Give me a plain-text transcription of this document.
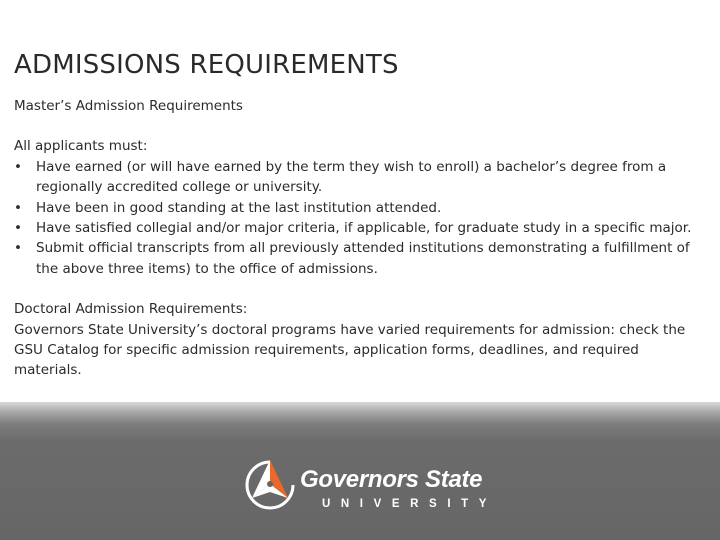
ADMISSIONS REQUIREMENTS

Master’s Admission Requirements

All applicants must:

• Have earned (or will have earned by the term they wish to enroll) a bachelor’s degree from a regionally accredited college or university.
• Have been in good standing at the last institution attended.
• Have satisfied collegial and/or major criteria, if applicable, for graduate study in a specific major.
• Submit official transcripts from all previously attended institutions demonstrating a fulfillment of the above three items) to the office of admissions.

Doctoral Admission Requirements:

Governors State University’s doctoral programs have varied requirements for admission: check the GSU Catalog for specific admission requirements, application forms, deadlines, and required materials.

Governors State
UNIVERSITY
